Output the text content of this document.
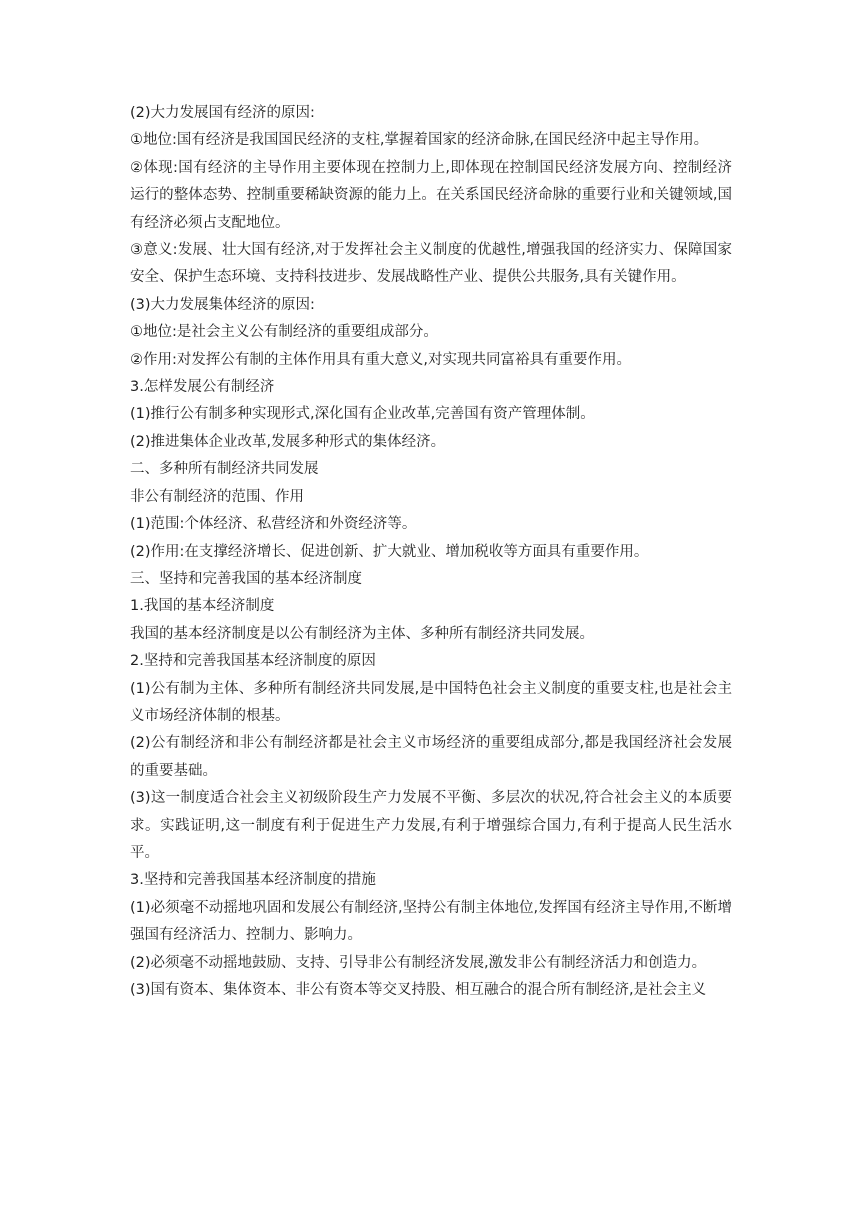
(2)大力发展国有经济的原因:

①地位:国有经济是我国国民经济的支柱,掌握着国家的经济命脉,在国民经济中起主导作用。

②体现:国有经济的主导作用主要体现在控制力上,即体现在控制国民经济发展方向、控制经济运行的整体态势、控制重要稀缺资源的能力上。在关系国民经济命脉的重要行业和关键领域,国有经济必须占支配地位。

③意义:发展、壮大国有经济,对于发挥社会主义制度的优越性,增强我国的经济实力、保障国家安全、保护生态环境、支持科技进步、发展战略性产业、提供公共服务,具有关键作用。

(3)大力发展集体经济的原因:

①地位:是社会主义公有制经济的重要组成部分。

②作用:对发挥公有制的主体作用具有重大意义,对实现共同富裕具有重要作用。

3.怎样发展公有制经济

(1)推行公有制多种实现形式,深化国有企业改革,完善国有资产管理体制。

(2)推进集体企业改革,发展多种形式的集体经济。

二、多种所有制经济共同发展

非公有制经济的范围、作用

(1)范围:个体经济、私营经济和外资经济等。

(2)作用:在支撑经济增长、促进创新、扩大就业、增加税收等方面具有重要作用。

三、坚持和完善我国的基本经济制度

1.我国的基本经济制度

我国的基本经济制度是以公有制经济为主体、多种所有制经济共同发展。

2.坚持和完善我国基本经济制度的原因

(1)公有制为主体、多种所有制经济共同发展,是中国特色社会主义制度的重要支柱,也是社会主义市场经济体制的根基。

(2)公有制经济和非公有制经济都是社会主义市场经济的重要组成部分,都是我国经济社会发展的重要基础。

(3)这一制度适合社会主义初级阶段生产力发展不平衡、多层次的状况,符合社会主义的本质要求。实践证明,这一制度有利于促进生产力发展,有利于增强综合国力,有利于提高人民生活水平。

3.坚持和完善我国基本经济制度的措施

(1)必须毫不动摇地巩固和发展公有制经济,坚持公有制主体地位,发挥国有经济主导作用,不断增强国有经济活力、控制力、影响力。

(2)必须毫不动摇地鼓励、支持、引导非公有制经济发展,激发非公有制经济活力和创造力。

(3)国有资本、集体资本、非公有资本等交叉持股、相互融合的混合所有制经济,是社会主义
